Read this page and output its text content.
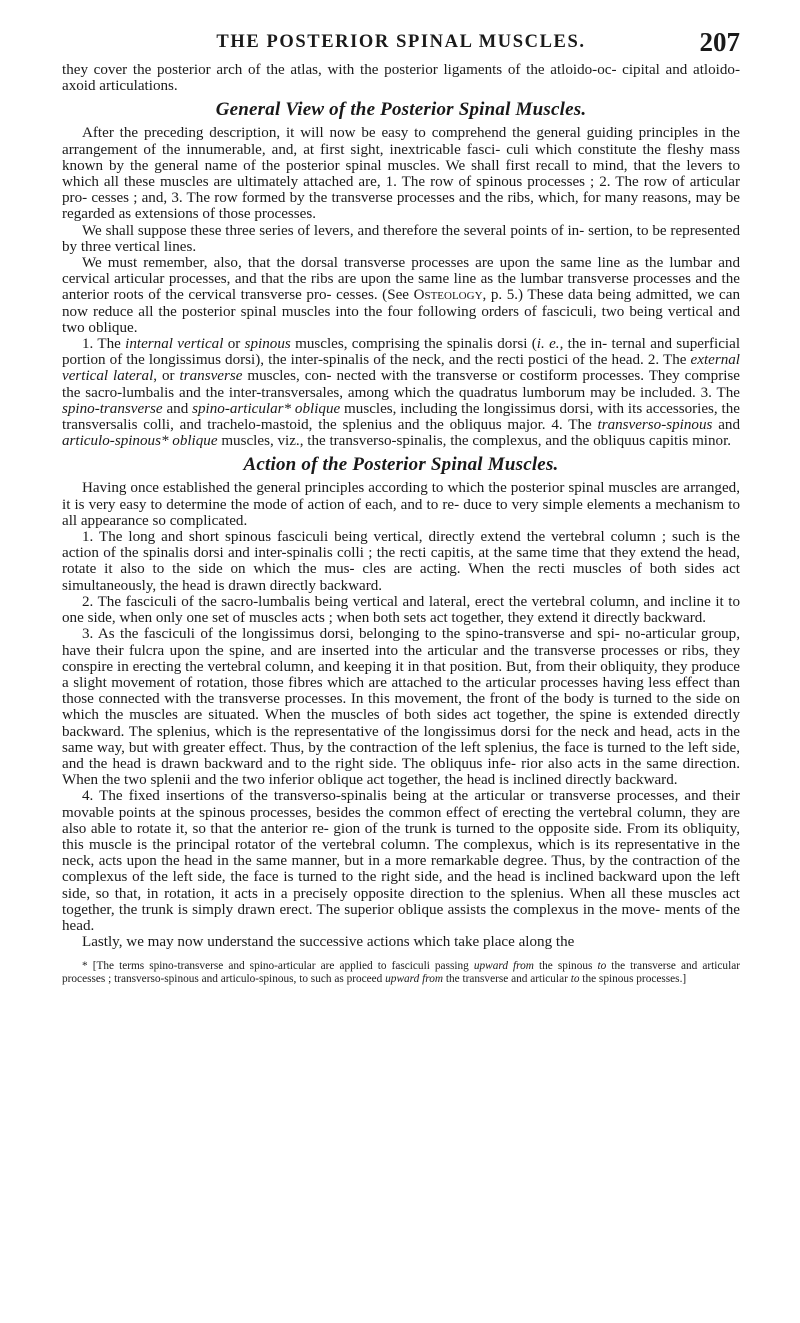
THE POSTERIOR SPINAL MUSCLES.	207

they cover the posterior arch of the atlas, with the posterior ligaments of the atloido-oc- cipital and atloido-axoid articulations.

General View of the Posterior Spinal Muscles.

After the preceding description, it will now be easy to comprehend the general guiding principles in the arrangement of the innumerable, and, at first sight, inextricable fasci- culi which constitute the fleshy mass known by the general name of the posterior spinal muscles. We shall first recall to mind, that the levers to which all these muscles are ultimately attached are, 1. The row of spinous processes ; 2. The row of articular pro- cesses ; and, 3. The row formed by the transverse processes and the ribs, which, for many reasons, may be regarded as extensions of those processes.

We shall suppose these three series of levers, and therefore the several points of in- sertion, to be represented by three vertical lines.

We must remember, also, that the dorsal transverse processes are upon the same line as the lumbar and cervical articular processes, and that the ribs are upon the same line as the lumbar transverse processes and the anterior roots of the cervical transverse pro- cesses. (See Osteology, p. 5.) These data being admitted, we can now reduce all the posterior spinal muscles into the four following orders of fasciculi, two being vertical and two oblique.

1. The internal vertical or spinous muscles, comprising the spinalis dorsi (i. e., the in- ternal and superficial portion of the longissimus dorsi), the inter-spinalis of the neck, and the recti postici of the head. 2. The external vertical lateral, or transverse muscles, con- nected with the transverse or costiform processes. They comprise the sacro-lumbalis and the inter-transversales, among which the quadratus lumborum may be included. 3. The spino-transverse and spino-articular* oblique muscles, including the longissimus dorsi, with its accessories, the transversalis colli, and trachelo-mastoid, the splenius and the obliquus major. 4. The transverso-spinous and articulo-spinous* oblique muscles, viz., the transverso-spinalis, the complexus, and the obliquus capitis minor.

Action of the Posterior Spinal Muscles.

Having once established the general principles according to which the posterior spinal muscles are arranged, it is very easy to determine the mode of action of each, and to re- duce to very simple elements a mechanism to all appearance so complicated.

1. The long and short spinous fasciculi being vertical, directly extend the vertebral column ; such is the action of the spinalis dorsi and inter-spinalis colli ; the recti capitis, at the same time that they extend the head, rotate it also to the side on which the mus- cles are acting. When the recti muscles of both sides act simultaneously, the head is drawn directly backward.

2. The fasciculi of the sacro-lumbalis being vertical and lateral, erect the vertebral column, and incline it to one side, when only one set of muscles acts ; when both sets act together, they extend it directly backward.

3. As the fasciculi of the longissimus dorsi, belonging to the spino-transverse and spi- no-articular group, have their fulcra upon the spine, and are inserted into the articular and the transverse processes or ribs, they conspire in erecting the vertebral column, and keeping it in that position. But, from their obliquity, they produce a slight movement of rotation, those fibres which are attached to the articular processes having less effect than those connected with the transverse processes. In this movement, the front of the body is turned to the side on which the muscles are situated. When the muscles of both sides act together, the spine is extended directly backward. The splenius, which is the representative of the longissimus dorsi for the neck and head, acts in the same way, but with greater effect. Thus, by the contraction of the left splenius, the face is turned to the left side, and the head is drawn backward and to the right side. The obliquus infe- rior also acts in the same direction. When the two splenii and the two inferior oblique act together, the head is inclined directly backward.

4. The fixed insertions of the transverso-spinalis being at the articular or transverse processes, and their movable points at the spinous processes, besides the common effect of erecting the vertebral column, they are also able to rotate it, so that the anterior re- gion of the trunk is turned to the opposite side. From its obliquity, this muscle is the principal rotator of the vertebral column. The complexus, which is its representative in the neck, acts upon the head in the same manner, but in a more remarkable degree. Thus, by the contraction of the complexus of the left side, the face is turned to the right side, and the head is inclined backward upon the left side, so that, in rotation, it acts in a precisely opposite direction to the splenius. When all these muscles act together, the trunk is simply drawn erect. The superior oblique assists the complexus in the move- ments of the head.

Lastly, we may now understand the successive actions which take place along the

* [The terms spino-transverse and spino-articular are applied to fasciculi passing upward from the spinous to the transverse and articular processes ; transverso-spinous and articulo-spinous, to such as proceed upward from the transverse and articular to the spinous processes.]
